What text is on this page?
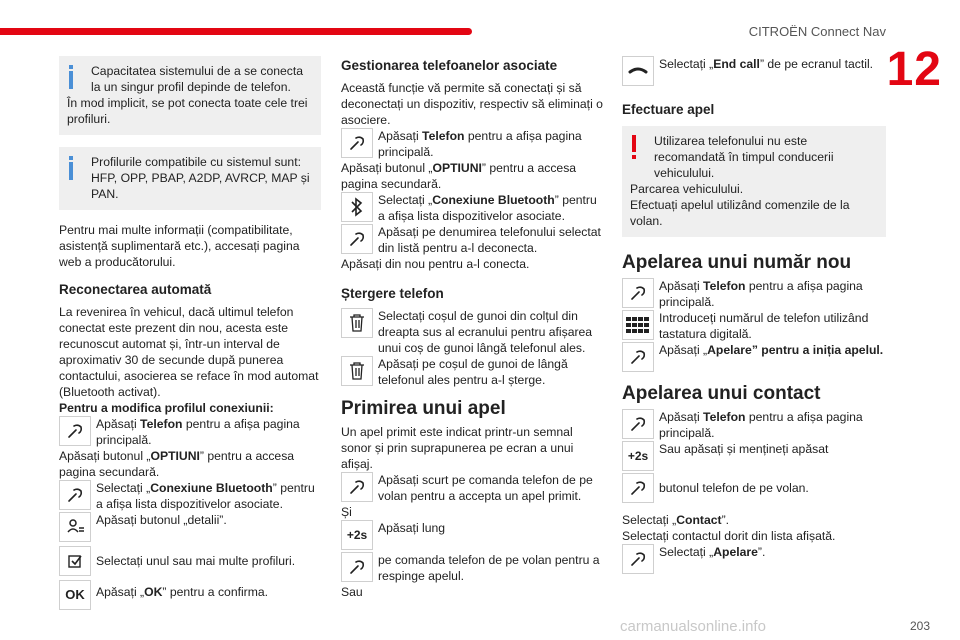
CITROËN Connect Nav
12
Capacitatea sistemului de a se conecta la un singur profil depinde de telefon.

În mod implicit, se pot conecta toate cele trei profiluri.

Profilurile compatibile cu sistemul sunt: HFP, OPP, PBAP, A2DP, AVRCP, MAP și PAN.

Pentru mai multe informații (compatibilitate, asistență suplimentară etc.), accesați pagina web a producătorului.

Reconectarea automată

La revenirea în vehicul, dacă ultimul telefon conectat este prezent din nou, acesta este recunoscut automat și, într-un interval de aproximativ 30 de secunde după punerea contactului, asocierea se reface în mod automat (Bluetooth activat).

Pentru a modifica profilul conexiunii:

Apăsați Telefon pentru a afișa pagina principală.

Apăsați butonul „OPTIUNI” pentru a accesa pagina secundară.

Selectați „Conexiune Bluetooth” pentru a afișa lista dispozitivelor asociate.
Apăsați butonul „detalii”.
Selectați unul sau mai multe profiluri.
OK Apăsați „OK” pentru a confirma.
Gestionarea telefoanelor asociate

Această funcție vă permite să conectați și să deconectați un dispozitiv, respectiv să eliminați o asociere.

Apăsați Telefon pentru a afișa pagina principală.

Apăsați butonul „OPTIUNI” pentru a accesa pagina secundară.

Selectați „Conexiune Bluetooth” pentru a afișa lista dispozitivelor asociate.
Apăsați pe denumirea telefonului selectat din listă pentru a-l deconecta.

Apăsați din nou pentru a-l conecta.

Ștergere telefon
Selectați coșul de gunoi din colțul din dreapta sus al ecranului pentru afișarea unui coș de gunoi lângă telefonul ales.
Apăsați pe coșul de gunoi de lângă telefonul ales pentru a-l șterge.
Primirea unui apel

Un apel primit este indicat printr-un semnal sonor și prin suprapunerea pe ecran a unui afișaj.

Apăsați scurt pe comanda telefon de pe volan pentru a accepta un apel primit.

Și

+2s Apăsați lung
pe comanda telefon de pe volan pentru a respinge apelul.

Sau

Selectați „End call” de pe ecranul tactil.
Efectuare apel
Utilizarea telefonului nu este recomandată în timpul conducerii vehiculului.

Parcarea vehiculului.

Efectuați apelul utilizând comenzile de la volan.

Apelarea unui număr nou
Apăsați Telefon pentru a afișa pagina principală.
Introduceți numărul de telefon utilizând tastatura digitală.
Apăsați „Apelare” pentru a iniția apelul.
Apelarea unui contact
Apăsați Telefon pentru a afișa pagina principală.
+2s Sau apăsați și mențineți apăsat
butonul telefon de pe volan.

Selectați „Contact”.

Selectați contactul dorit din lista afișată.

Selectați „Apelare”.
carmanualsonline.info	203
